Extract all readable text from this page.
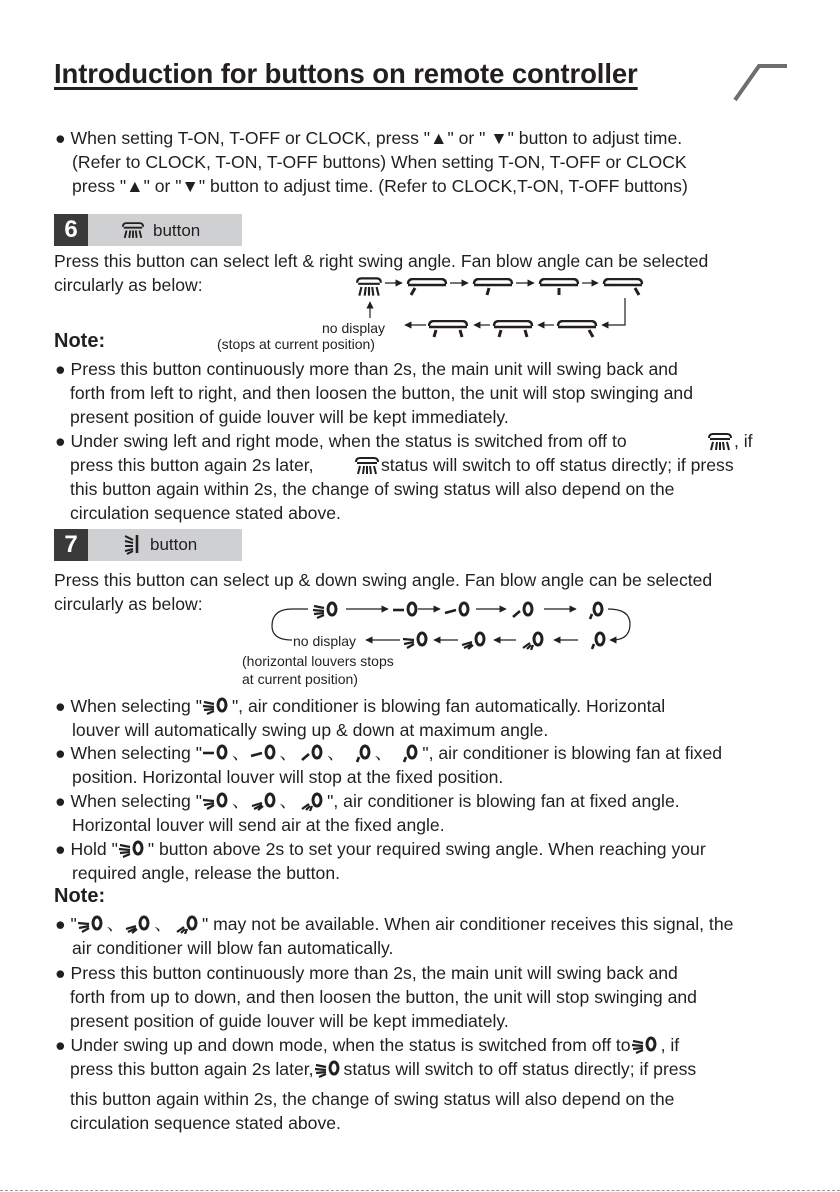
Introduction for buttons on remote controller
● When setting T-ON, T-OFF or CLOCK, press "▲" or " ▼" button to adjust time.
(Refer to CLOCK, T-ON, T-OFF buttons) When setting T-ON, T-OFF or CLOCK
press "▲" or "▼" button to adjust time. (Refer to CLOCK,T-ON, T-OFF buttons)
6	button
Press this button can select left & right swing angle. Fan blow angle can be selected
circularly as below:
no display
(stops at current position)
Note:
● Press this button continuously more than 2s, the main unit will swing back and
forth from left to right, and then loosen the button, the unit will stop swinging and
present position of guide louver will be kept immediately.
● Under swing left and right mode, when the status is switched from off to	, if
press this button again 2s later,	status will switch to off status directly; if press
this button again within 2s, the change of swing status will also depend on the
circulation sequence stated above.
7	button
Press this button can select up & down swing angle. Fan blow angle can be selected
circularly as below:
no display
(horizontal louvers stops
at current position)
● When selecting " ", air conditioner is blowing fan automatically. Horizontal
louver will automatically swing up & down at maximum angle.
● When selecting " 、 、 、 、 ", air conditioner is blowing fan at fixed
position. Horizontal louver will stop at the fixed position.
● When selecting " 、 、 ", air conditioner is blowing fan at fixed angle.
Horizontal louver will send air at the fixed angle.
● Hold " " button above 2s to set your required swing angle. When reaching your
required angle, release the button.
Note:
● " 、 、 " may not be available. When air conditioner receives this signal, the
air conditioner will blow fan automatically.
● Press this button continuously more than 2s, the main unit will swing back and
forth from up to down, and then loosen the button, the unit will stop swinging and
present position of guide louver will be kept immediately.
● Under swing up and down mode, when the status is switched from off to , if
press this button again 2s later, status will switch to off status directly; if press
this button again within 2s, the change of swing status will also depend on the
circulation sequence stated above.
